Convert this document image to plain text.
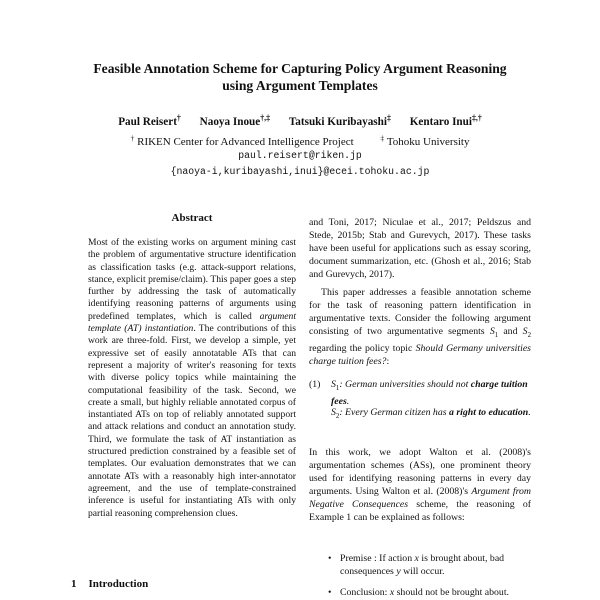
Feasible Annotation Scheme for Capturing Policy Argument Reasoning
using Argument Templates
Paul Reisert† Naoya Inoue†,‡ Tatsuki Kuribayashi‡ Kentaro Inui‡,†
† RIKEN Center for Advanced Intelligence Project	‡ Tohoku University
paul.reisert@riken.jp
{naoya-i,kuribayashi,inui}@ecei.tohoku.ac.jp
Abstract
Most of the existing works on argument mining cast the problem of argumentative structure identification as classification tasks (e.g. attack-support relations, stance, explicit premise/claim). This paper goes a step further by addressing the task of automatically identifying reasoning patterns of arguments using predefined templates, which is called argument template (AT) instantiation. The contributions of this work are three-fold. First, we develop a simple, yet expressive set of easily annotatable ATs that can represent a majority of writer's reasoning for texts with diverse policy topics while maintaining the computational feasibility of the task. Second, we create a small, but highly reliable annotated corpus of instantiated ATs on top of reliably annotated support and attack relations and conduct an annotation study. Third, we formulate the task of AT instantiation as structured prediction constrained by a feasible set of templates. Our evaluation demonstrates that we can annotate ATs with a reasonably high inter-annotator agreement, and the use of template-constrained inference is useful for instantiating ATs with only partial reasoning comprehension clues.
1 Introduction
and Toni, 2017; Niculae et al., 2017; Peldszus and Stede, 2015b; Stab and Gurevych, 2017). These tasks have been useful for applications such as essay scoring, document summarization, etc. (Ghosh et al., 2016; Stab and Gurevych, 2017).
This paper addresses a feasible annotation scheme for the task of reasoning pattern identification in argumentative texts. Consider the following argument consisting of two argumentative segments $S_1$ and $S_2$ regarding the policy topic Should Germany universities charge tuition fees?:
(1) $S_1$: German universities should not charge tuition fees.
$S_2$: Every German citizen has a right to education.
In this work, we adopt Walton et al. (2008)'s argumentation schemes (ASs), one prominent theory used for identifying reasoning patterns in every day arguments. Using Walton et al. (2008)'s Argument from Negative Consequences scheme, the reasoning of Example 1 can be explained as follows:
• Premise : If action x is brought about, bad consequences y will occur.
• Conclusion: x should not be brought about.
